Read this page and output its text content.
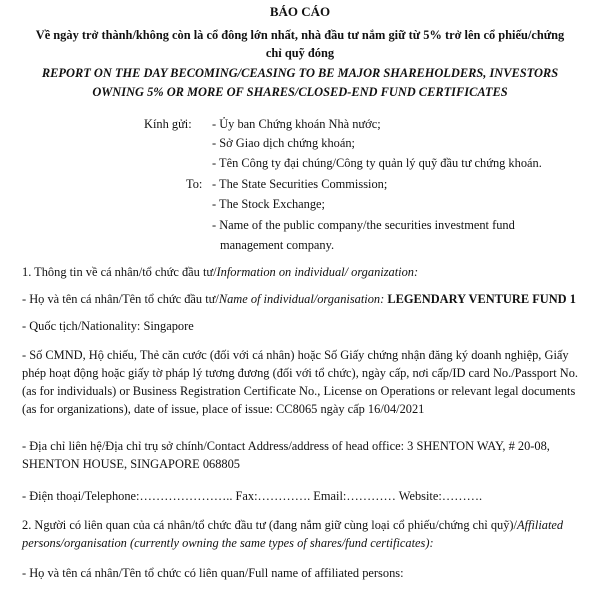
BÁO CÁO
Về ngày trở thành/không còn là cổ đông lớn nhất, nhà đầu tư nắm giữ từ 5% trở lên cổ phiếu/chứng
chỉ quỹ đóng
REPORT ON THE DAY BECOMING/CEASING TO BE MAJOR SHAREHOLDERS, INVESTORS
OWNING 5% OR MORE OF SHARES/CLOSED-END FUND CERTIFICATES
Kính gửi: - Ủy ban Chứng khoán Nhà nước;
- Sở Giao dịch chứng khoán;
- Tên Công ty đại chúng/Công ty quản lý quỹ đầu tư chứng khoán.
To: - The State Securities Commission;
- The Stock Exchange;
- Name of the public company/the securities investment fund
management company.
1. Thông tin về cá nhân/tổ chức đầu tư/Information on individual/ organization:
- Họ và tên cá nhân/Tên tổ chức đầu tư/Name of individual/organisation: LEGENDARY VENTURE FUND 1
- Quốc tịch/Nationality: Singapore
- Số CMND, Hộ chiếu, Thẻ căn cước (đối với cá nhân) hoặc Số Giấy chứng nhận đăng ký doanh nghiệp, Giấy
phép hoạt động hoặc giấy tờ pháp lý tương đương (đối với tổ chức), ngày cấp, nơi cấp/ID card No./Passport No.
(as for individuals) or Business Registration Certificate No., License on Operations or relevant legal documents
(as for organizations), date of issue, place of issue: CC8065 ngày cấp 16/04/2021
- Địa chỉ liên hệ/Địa chỉ trụ sở chính/Contact Address/address of head office: 3 SHENTON WAY, # 20-08,
SHENTON HOUSE, SINGAPORE 068805
- Điện thoại/Telephone:………………….. Fax:…………. Email:………… Website:……….
2. Người có liên quan của cá nhân/tổ chức đầu tư (đang nắm giữ cùng loại cổ phiếu/chứng chỉ quỹ)/Affiliated
persons/organisation (currently owning the same types of shares/fund certificates):
- Họ và tên cá nhân/Tên tổ chức có liên quan/Full name of affiliated persons:
